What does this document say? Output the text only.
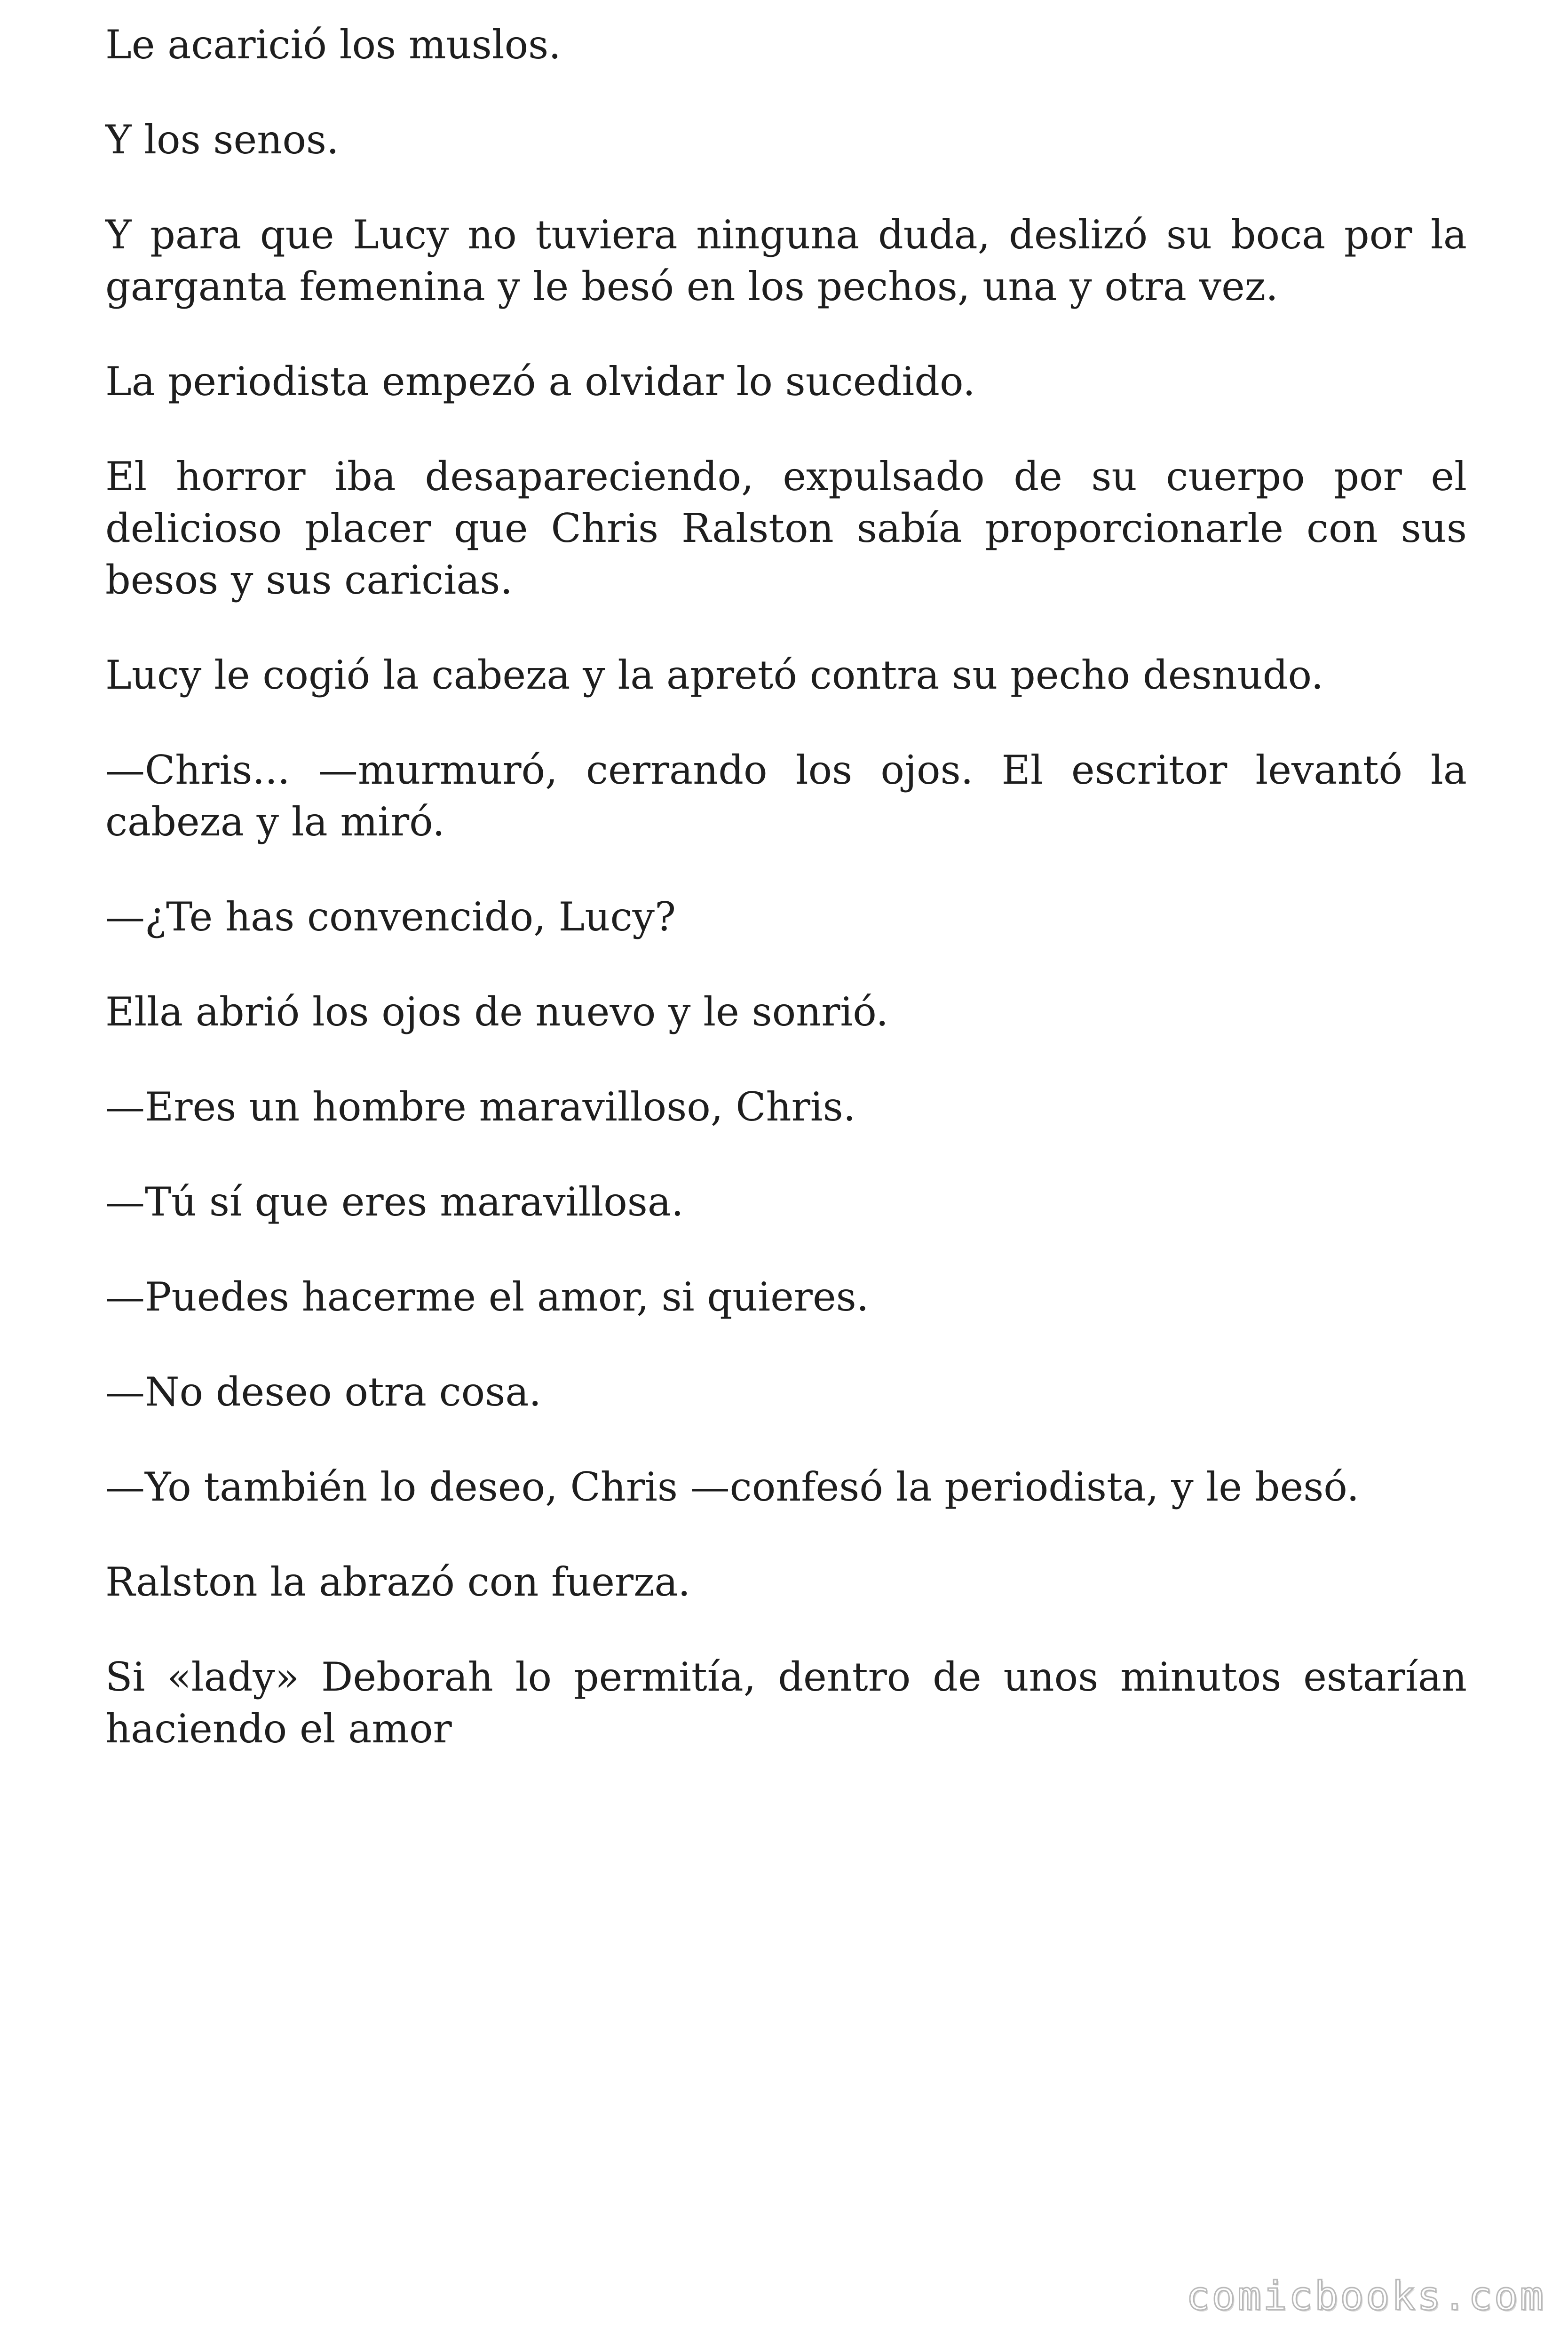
Le acarició los muslos.

Y los senos.

Y para que Lucy no tuviera ninguna duda, deslizó su boca por la garganta femenina y le besó en los pechos, una y otra vez.

La periodista empezó a olvidar lo sucedido.

El horror iba desapareciendo, expulsado de su cuerpo por el delicioso placer que Chris Ralston sabía proporcionarle con sus besos y sus caricias.

Lucy le cogió la cabeza y la apretó contra su pecho desnudo.

—Chris... —murmuró, cerrando los ojos. El escritor levantó la cabeza y la miró.

—¿Te has convencido, Lucy?

Ella abrió los ojos de nuevo y le sonrió.

—Eres un hombre maravilloso, Chris.

—Tú sí que eres maravillosa.

—Puedes hacerme el amor, si quieres.

—No deseo otra cosa.

—Yo también lo deseo, Chris —confesó la periodista, y le besó.

Ralston la abrazó con fuerza.

Si «lady» Deborah lo permitía, dentro de unos minutos estarían haciendo el amor

comicbooks.com
